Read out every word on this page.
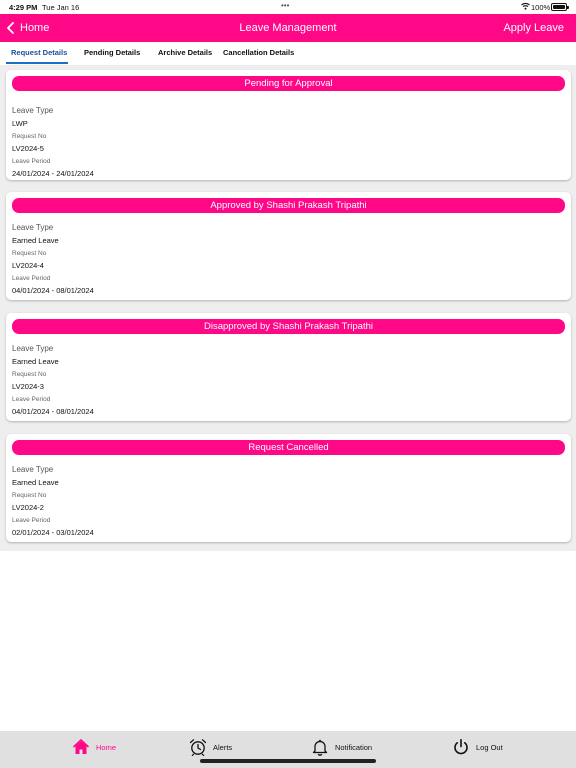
4:29 PM Tue Jan 16	•••	100%
Home	Leave Management	Apply Leave
Request Details Pending Details Archive Details Cancellation Details
Pending for Approval
Leave Type
LWP
Request No
LV2024-5
Leave Period
24/01/2024 - 24/01/2024
Approved by Shashi Prakash Tripathi
Leave Type
Earned Leave
Request No
LV2024-4
Leave Period
04/01/2024 - 08/01/2024
Disapproved by Shashi Prakash Tripathi
Leave Type
Earned Leave
Request No
LV2024-3
Leave Period
04/01/2024 - 08/01/2024
Request Cancelled
Leave Type
Earned Leave
Request No
LV2024-2
Leave Period
02/01/2024 - 03/01/2024
Home	Alerts	Notification	Log Out
